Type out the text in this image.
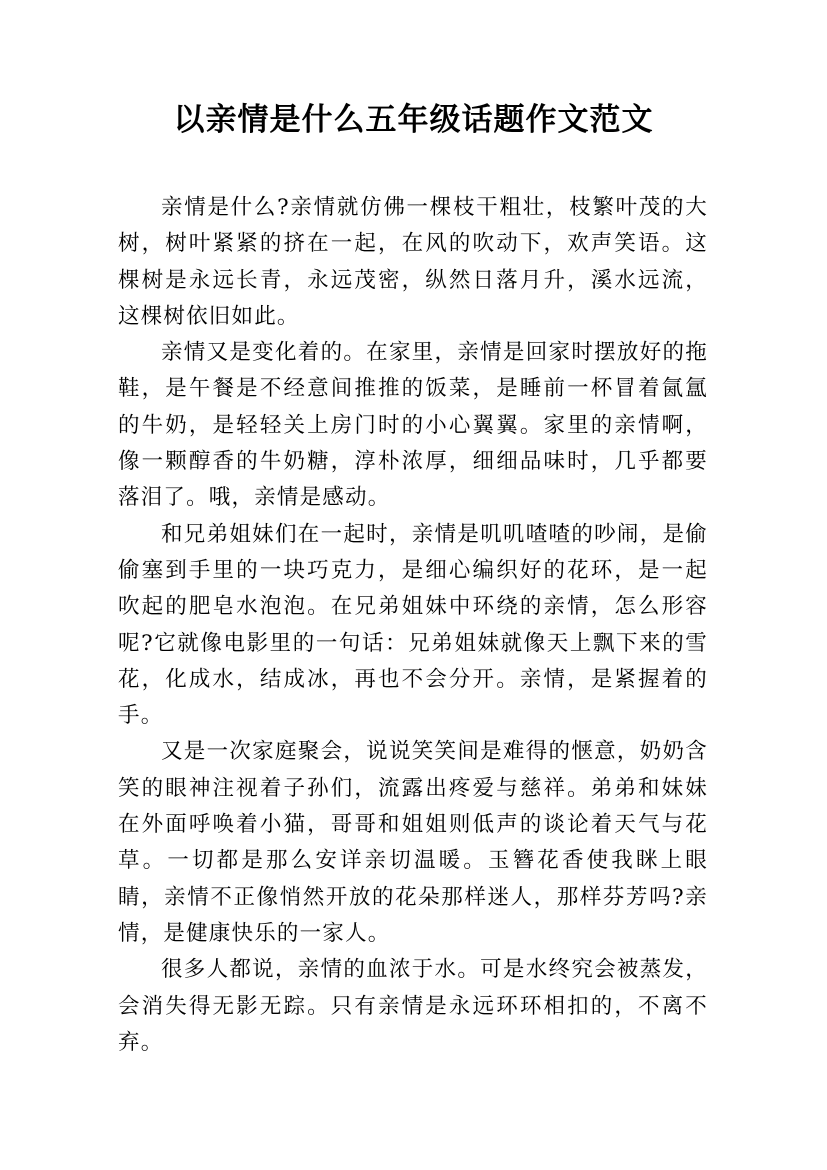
以亲情是什么五年级话题作文范文

亲情是什么?亲情就仿佛一棵枝干粗壮，枝繁叶茂的大树，树叶紧紧的挤在一起，在风的吹动下，欢声笑语。这棵树是永远长青，永远茂密，纵然日落月升，溪水远流，这棵树依旧如此。

亲情又是变化着的。在家里，亲情是回家时摆放好的拖鞋，是午餐是不经意间推推的饭菜，是睡前一杯冒着氤氲的牛奶，是轻轻关上房门时的小心翼翼。家里的亲情啊，像一颗醇香的牛奶糖，淳朴浓厚，细细品味时，几乎都要落泪了。哦，亲情是感动。

和兄弟姐妹们在一起时，亲情是叽叽喳喳的吵闹，是偷偷塞到手里的一块巧克力，是细心编织好的花环，是一起吹起的肥皂水泡泡。在兄弟姐妹中环绕的亲情，怎么形容呢?它就像电影里的一句话：兄弟姐妹就像天上飘下来的雪花，化成水，结成冰，再也不会分开。亲情，是紧握着的手。

又是一次家庭聚会，说说笑笑间是难得的惬意，奶奶含笑的眼神注视着子孙们，流露出疼爱与慈祥。弟弟和妹妹在外面呼唤着小猫，哥哥和姐姐则低声的谈论着天气与花草。一切都是那么安详亲切温暖。玉簪花香使我眯上眼睛，亲情不正像悄然开放的花朵那样迷人，那样芬芳吗?亲情，是健康快乐的一家人。

很多人都说，亲情的血浓于水。可是水终究会被蒸发，会消失得无影无踪。只有亲情是永远环环相扣的，不离不弃。
